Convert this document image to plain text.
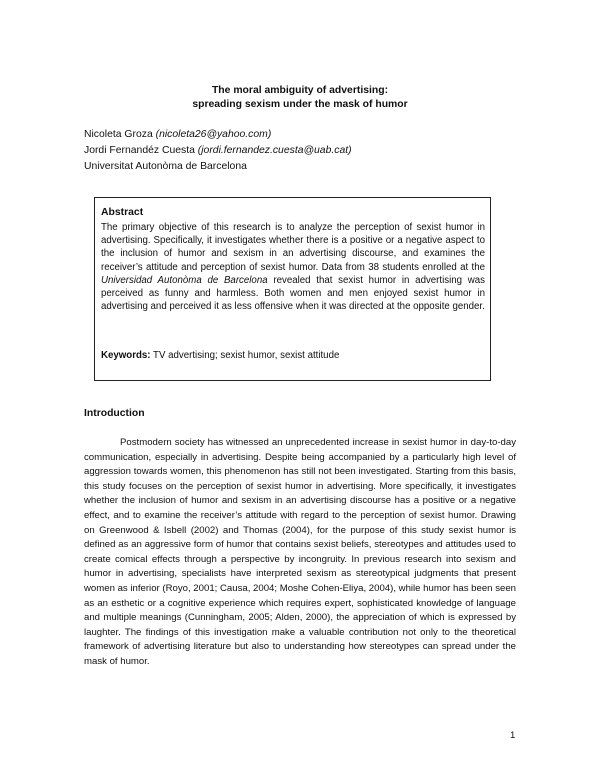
The moral ambiguity of advertising:
spreading sexism under the mask of humor
Nicoleta Groza (nicoleta26@yahoo.com)
Jordi Fernandéz Cuesta (jordi.fernandez.cuesta@uab.cat)
Universitat Autonòma de Barcelona
Abstract
The primary objective of this research is to analyze the perception of sexist humor in advertising. Specifically, it investigates whether there is a positive or a negative aspect to the inclusion of humor and sexism in an advertising discourse, and examines the receiver’s attitude and perception of sexist humor. Data from 38 students enrolled at the Universidad Autonòma de Barcelona revealed that sexist humor in advertising was perceived as funny and harmless. Both women and men enjoyed sexist humor in advertising and perceived it as less offensive when it was directed at the opposite gender.
Keywords: TV advertising; sexist humor, sexist attitude
Introduction

Postmodern society has witnessed an unprecedented increase in sexist humor in day-to-day communication, especially in advertising. Despite being accompanied by a particularly high level of aggression towards women, this phenomenon has still not been investigated. Starting from this basis, this study focuses on the perception of sexist humor in advertising. More specifically, it investigates whether the inclusion of humor and sexism in an advertising discourse has a positive or a negative effect, and to examine the receiver’s attitude with regard to the perception of sexist humor. Drawing on Greenwood & Isbell (2002) and Thomas (2004), for the purpose of this study sexist humor is defined as an aggressive form of humor that contains sexist beliefs, stereotypes and attitudes used to create comical effects through a perspective by incongruity. In previous research into sexism and humor in advertising, specialists have interpreted sexism as stereotypical judgments that present women as inferior (Royo, 2001; Causa, 2004; Moshe Cohen-Eliya, 2004), while humor has been seen as an esthetic or a cognitive experience which requires expert, sophisticated knowledge of language and multiple meanings (Cunningham, 2005; Alden, 2000), the appreciation of which is expressed by laughter. The findings of this investigation make a valuable contribution not only to the theoretical framework of advertising literature but also to understanding how stereotypes can spread under the mask of humor.

1
